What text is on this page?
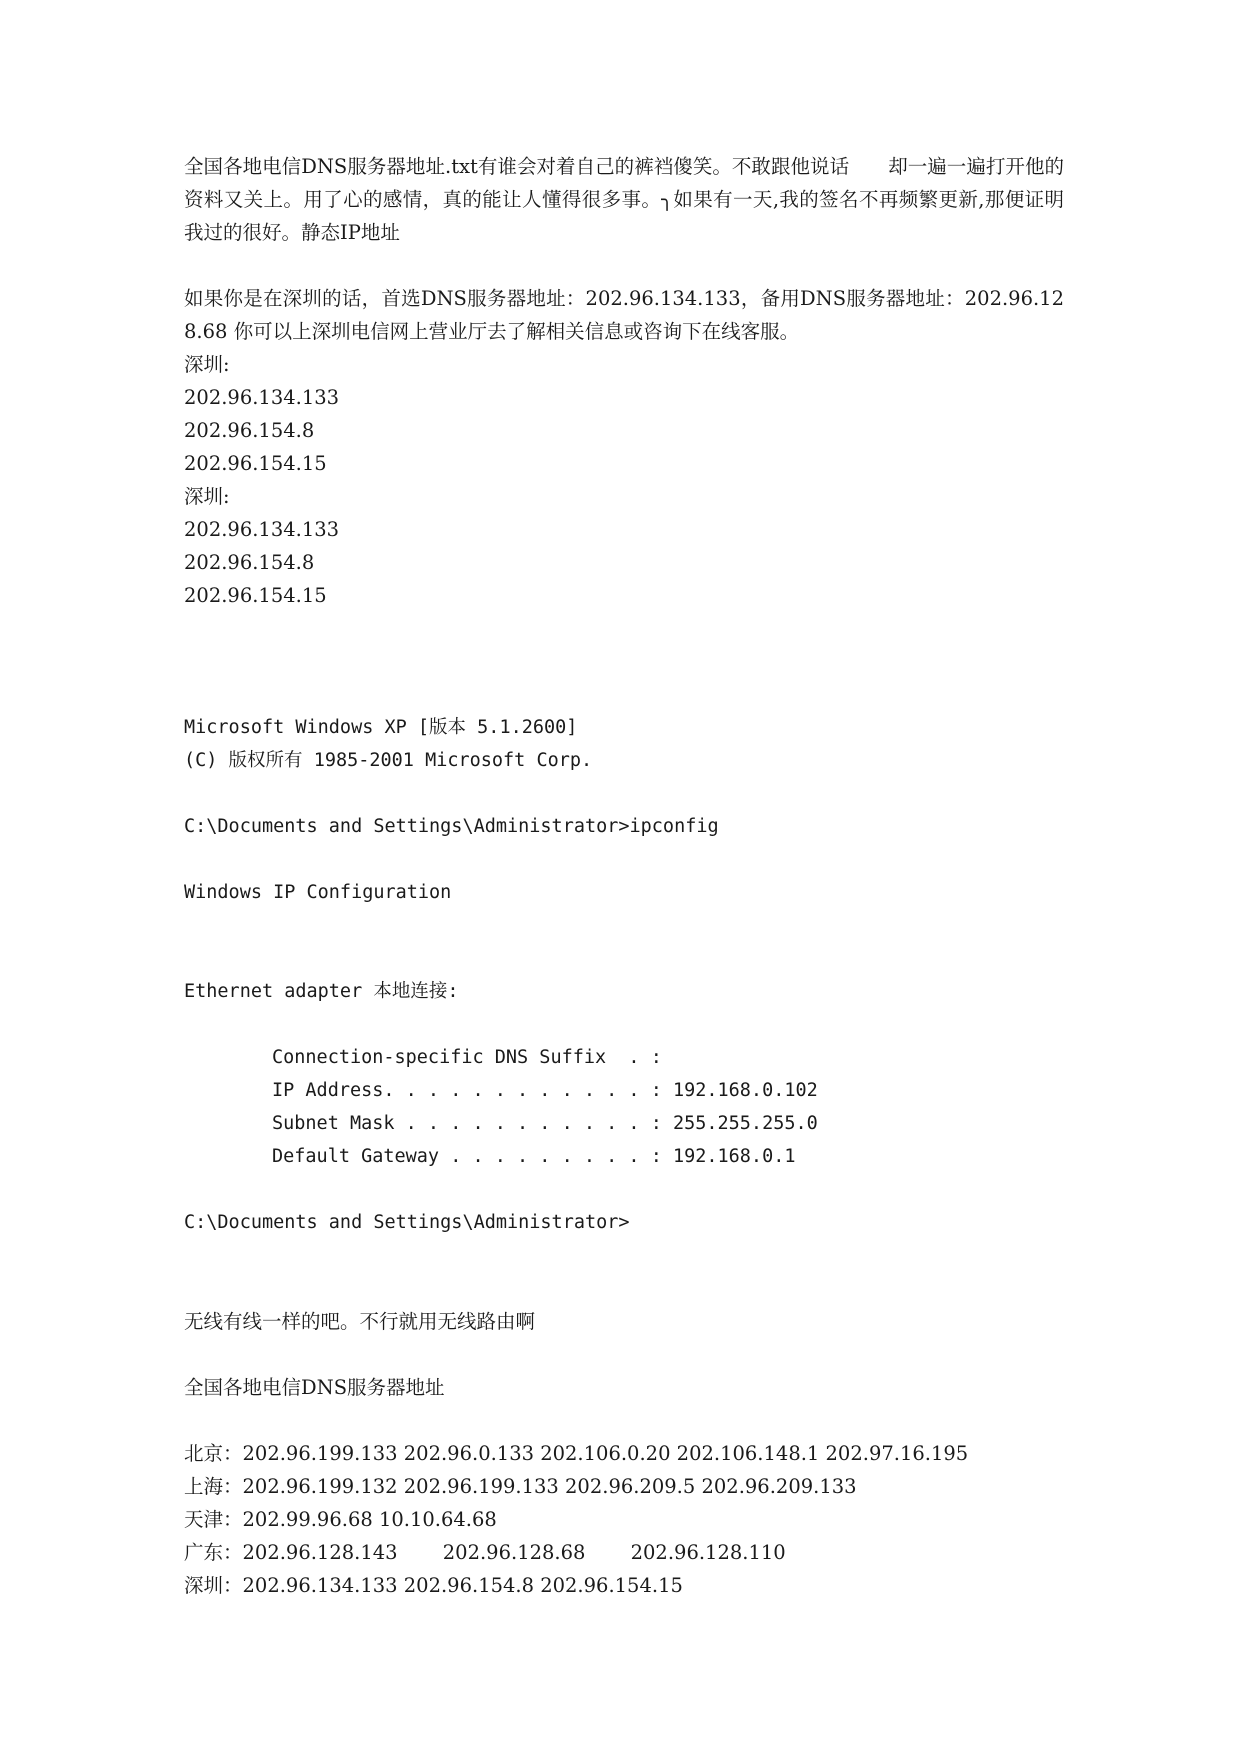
全国各地电信DNS服务器地址.txt有谁会对着自己的裤裆傻笑。不敢跟他说话　　却一遍一遍打开他的资料又关上。用了心的感情，真的能让人懂得很多事。╮如果有一天,我的签名不再频繁更新,那便证明我过的很好。静态IP地址
如果你是在深圳的话，首选DNS服务器地址：202.96.134.133，备用DNS服务器地址：202.96.128.68 你可以上深圳电信网上营业厅去了解相关信息或咨询下在线客服。
深圳:
202.96.134.133
202.96.154.8
202.96.154.15
深圳:
202.96.134.133
202.96.154.8
202.96.154.15
Microsoft Windows XP [版本 5.1.2600]
(C) 版权所有 1985-2001 Microsoft Corp.
C:\Documents and Settings\Administrator>ipconfig
Windows IP Configuration
Ethernet adapter 本地连接:
Connection-specific DNS Suffix  . :
IP Address. . . . . . . . . . . . : 192.168.0.102
Subnet Mask . . . . . . . . . . . : 255.255.255.0
Default Gateway . . . . . . . . . : 192.168.0.1
C:\Documents and Settings\Administrator>
无线有线一样的吧。不行就用无线路由啊
全国各地电信DNS服务器地址
北京：202.96.199.133 202.96.0.133 202.106.0.20 202.106.148.1 202.97.16.195
上海：202.96.199.132 202.96.199.133 202.96.209.5 202.96.209.133
天津：202.99.96.68 10.10.64.68
广东：202.96.128.143　　 202.96.128.68　　 202.96.128.110
深圳：202.96.134.133 202.96.154.8 202.96.154.15
